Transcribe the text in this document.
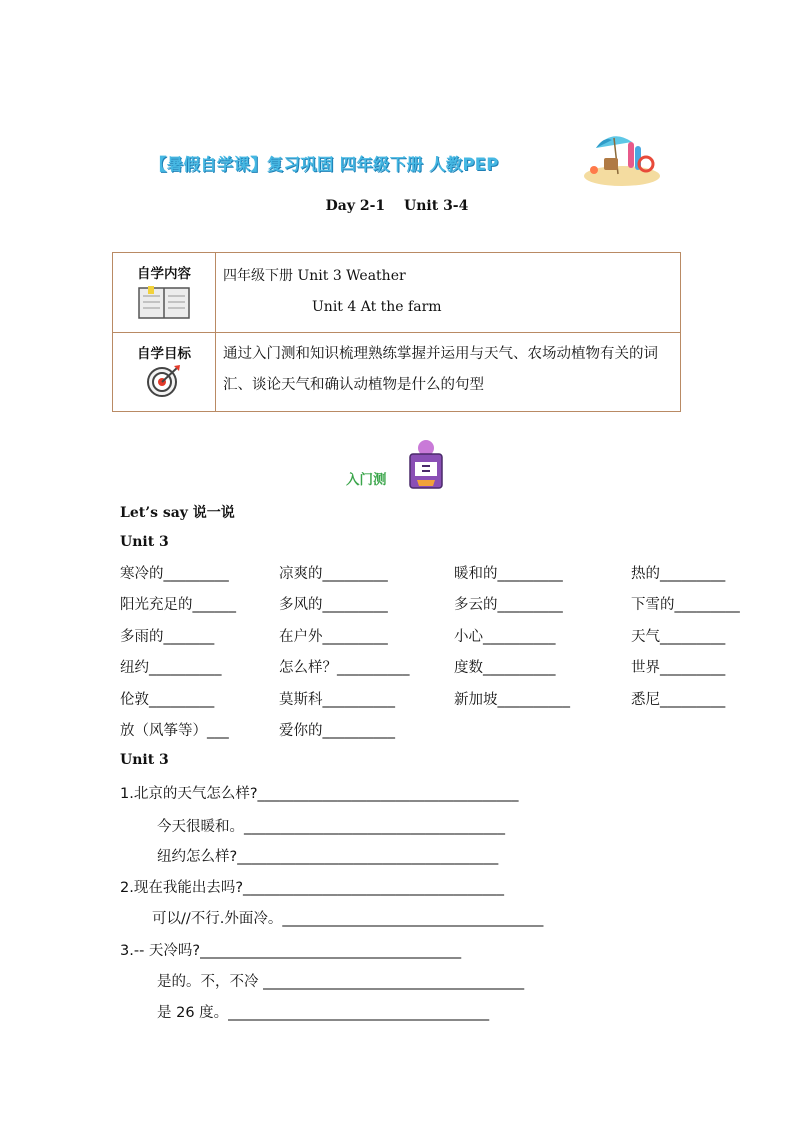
【暑假自学课】复习巩固 四年级下册 人教PEP
Day 2-1 Unit 3-4
自学内容	四年级下册 Unit 3 Weather
Unit 4 At the farm

自学目标	通过入门测和知识梳理熟练掌握并运用与天气、农场动植物有关的词汇、谈论天气和确认动植物是什么的句型
入门测
Let’s say 说一说
Unit 3
寒冷的_________	凉爽的_________	暖和的_________	热的_________
阳光充足的______	多风的_________	多云的_________	下雪的_________
多雨的_______	在户外_________	小心__________	天气_________
纽约__________	怎么样？__________	度数__________	世界_________
伦敦_________	莫斯科__________	新加坡__________	悉尼_________
放（风筝等）___	爱你的__________
Unit 3
1.北京的天气怎么样?____________________________________
今天很暖和。____________________________________
纽约怎么样?____________________________________
2.现在我能出去吗?____________________________________
可以//不行.外面冷。____________________________________
3.-- 天冷吗?____________________________________
是的。不，不冷 ____________________________________
是 26 度。____________________________________
